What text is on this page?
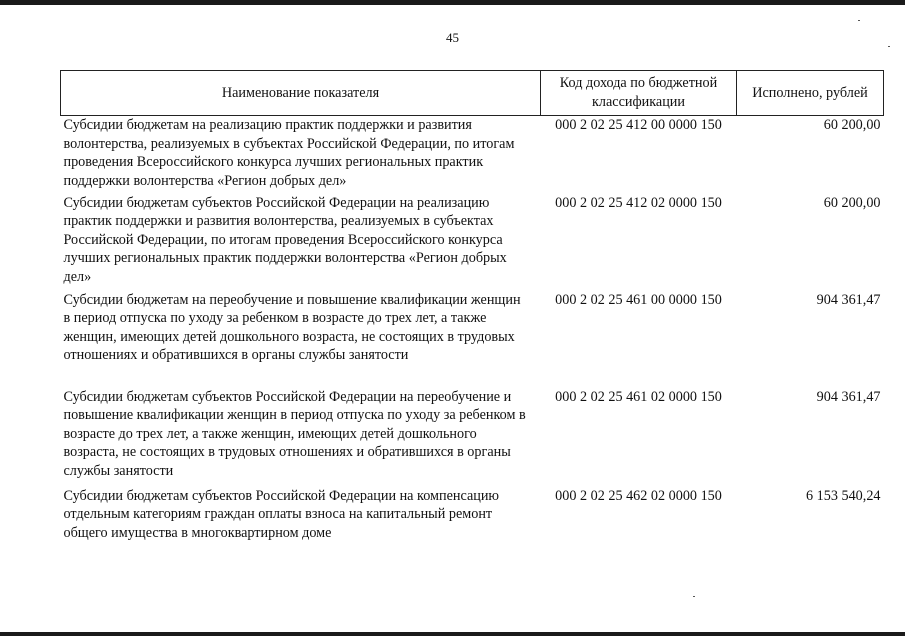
45
Наименование показателя	Код дохода по бюджетной классификации	Исполнено, рублей
Субсидии бюджетам на реализацию практик поддержки и развития волонтерства, реализуемых в субъектах Российской Федерации, по итогам проведения Всероссийского конкурса лучших региональных практик поддержки волонтерства «Регион добрых дел»	000 2 02 25 412 00 0000 150	60 200,00
Субсидии бюджетам субъектов Российской Федерации на реализацию практик поддержки и развития волонтерства, реализуемых в субъектах Российской Федерации, по итогам проведения Всероссийского конкурса лучших региональных практик поддержки волонтерства «Регион добрых дел»	000 2 02 25 412 02 0000 150	60 200,00
Субсидии бюджетам на переобучение и повышение квалификации женщин в период отпуска по уходу за ребенком в возрасте до трех лет, а также женщин, имеющих детей дошкольного возраста, не состоящих в трудовых отношениях и обратившихся в органы службы занятости	000 2 02 25 461 00 0000 150	904 361,47
Субсидии бюджетам субъектов Российской Федерации на переобучение и повышение квалификации женщин в период отпуска по уходу за ребенком в возрасте до трех лет, а также женщин, имеющих детей дошкольного возраста, не состоящих в трудовых отношениях и обратившихся в органы службы занятости	000 2 02 25 461 02 0000 150	904 361,47
Субсидии бюджетам субъектов Российской Федерации на компенсацию отдельным категориям граждан оплаты взноса на капитальный ремонт общего имущества в многоквартирном доме	000 2 02 25 462 02 0000 150	6 153 540,24
